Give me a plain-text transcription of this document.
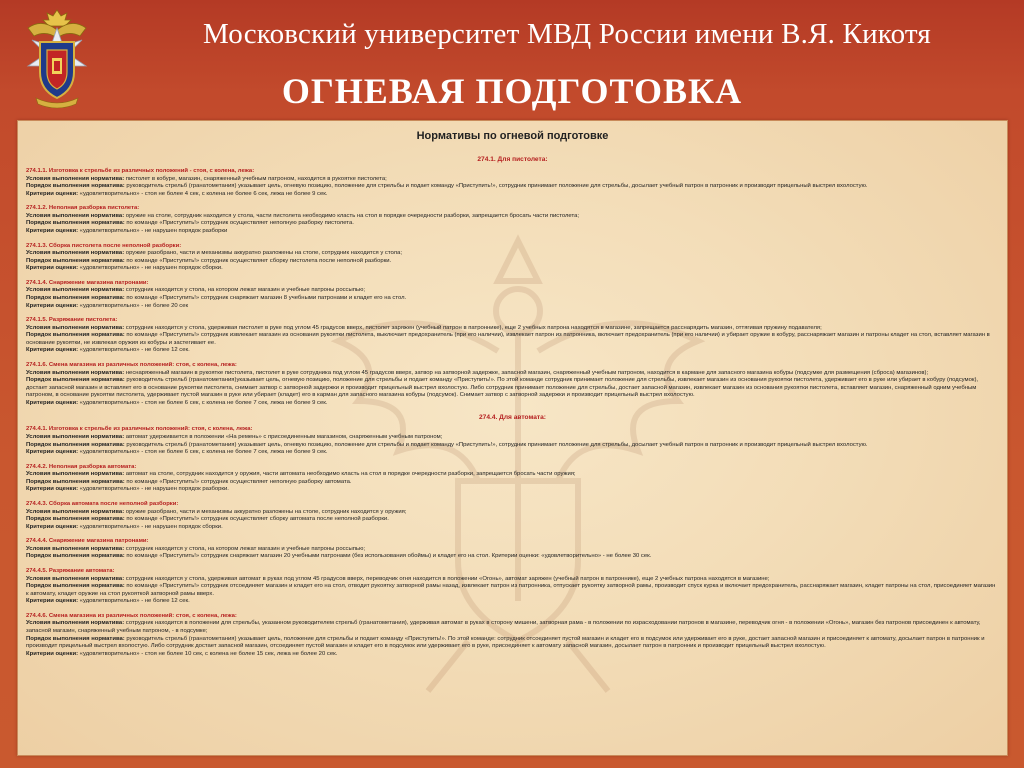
Московский университет МВД России имени В.Я. Кикотя
ОГНЕВАЯ ПОДГОТОВКА
Нормативы по огневой подготовке
274.1. Для пистолета:
274.1.1. Изготовка к стрельбе из различных положений - стоя, с колена, лежа:
Условия выполнения норматива: пистолет в кобуре, магазин, снаряженный учебным патроном, находится в рукоятке пистолета;
Порядок выполнения норматива: руководитель стрельб (гранатометания) указывает цель, огневую позицию, положение для стрельбы и подает команду «Приступить!», сотрудник принимает положение для стрельбы, досылает учебный патрон в патронник и производит прицельный выстрел вхолостую.
Критерии оценки: «удовлетворительно» - стоя не более 4 сек, с колена не более 6 сек, лежа не более 9 сек.
274.1.2. Неполная разборка пистолета:
Условия выполнения норматива: оружие на столе, сотрудник находится у стола, части пистолета необходимо класть на стол в порядке очередности разборки, запрещается бросать части пистолета;
Порядок выполнения норматива: по команде «Приступить!» сотрудник осуществляет неполную разборку пистолета.
Критерии оценки: «удовлетворительно» - не нарушен порядок разборки
274.1.3. Сборка пистолета после неполной разборки:
Условия выполнения норматива: оружие разобрано, части и механизмы аккуратно разложены на столе, сотрудник находится у стола;
Порядок выполнения норматива: по команде «Приступить!» сотрудник осуществляет сборку пистолета после неполной разборки.
Критерии оценки: «удовлетворительно» - не нарушен порядок сборки.
274.1.4. Снаряжение магазина патронами:
Условия выполнения норматива: сотрудник находится у стола, на котором лежат магазин и учебные патроны россыпью;
Порядок выполнения норматива: по команде «Приступить!» сотрудник снаряжает магазин 8 учебными патронами и кладет его на стол.
Критерии оценки: «удовлетворительно» - не более 20 сек
274.1.5. Разряжание пистолета:
Условия выполнения норматива: сотрудник находится у стола, удерживая пистолет в руке под углом 45 градусов вверх, пистолет заряжен (учебный патрон в патроннике), еще 2 учебных патрона находятся в магазине, запрещается расснарядить магазин, оттягивая пружину подавателя;
Порядок выполнения норматива: по команде «Приступить!» сотрудник извлекает магазин из основания рукоятки пистолета, выключает предохранитель (при его наличии), извлекает патрон из патронника, включает предохранитель (при его наличии) и убирает оружие в кобуру, расснаряжает магазин и патроны кладет на стол, вставляет магазин в основание рукоятки, не извлекая оружия из кобуры и застегивает ее.
Критерии оценки: «удовлетворительно» - не более 12 сек.
274.1.6. Смена магазина из различных положений: стоя, с колена, лежа:
Условия выполнения норматива: неснаряженный магазин в рукоятке пистолета, пистолет в руке сотрудника под углом 45 градусов вверх, затвор на затворной задержке, запасной магазин, снаряженный учебным патроном, находится в кармане для запасного магазина кобуры (подсумке для размещения (сброса) магазинов);
Порядок выполнения норматива: руководитель стрельб (гранатометания)указывает цель, огневую позицию, положение для стрельбы и подает команду «Приступить!». По этой команде сотрудник принимает положение для стрельбы, извлекает магазин из основания рукоятки пистолета, удерживает его в руке или убирает в кобуру (подсумок), достает запасной магазин и вставляет его в основание рукоятки пистолета, снимает затвор с затворной задержки и производит прицельный выстрел вхолостую. Либо сотрудник принимает положение для стрельбы, достает запасной магазин, извлекает магазин из основания рукоятки пистолета, вставляет магазин, снаряженный одним учебным патроном, в основание рукоятки пистолета, удерживает пустой магазин в руке или убирает (кладет) его в карман для запасного магазина кобуры (подсумок). Снимает затвор с затворной задержки и производит прицельный выстрел вхолостую.
Критерии оценки: «удовлетворительно» - стоя не более 6 сек, с колена не более 7 сек, лежа не более 9 сек.
274.4. Для автомата:
274.4.1. Изготовка к стрельбе из различных положений: стоя, с колена, лежа:
Условия выполнения норматива: автомат удерживается в положении «На ремень» с присоединенным магазином, снаряженным учебным патроном;
Порядок выполнения норматива: руководитель стрельб (гранатометания) указывает цель, огневую позицию, положение для стрельбы и подает команду «Приступить!», сотрудник принимает положение для стрельбы, досылает учебный патрон в патронник и производит прицельный выстрел вхолостую.
Критерии оценки: «удовлетворительно» - стоя не более 6 сек, с колена не более 7 сек, лежа не более 9 сек.
274.4.2. Неполная разборка автомата:
Условия выполнения норматива: автомат на столе, сотрудник находится у оружия, части автомата необходимо класть на стол в порядке очередности разборки, запрещается бросать части оружия;
Порядок выполнения норматива: по команде «Приступить!» сотрудник осуществляет неполную разборку автомата.
Критерии оценки: «удовлетворительно» - не нарушен порядок разборки.
274.4.3. Сборка автомата после неполной разборки:
Условия выполнения норматива: оружие разобрано, части и механизмы аккуратно разложены на столе, сотрудник находится у оружия;
Порядок выполнения норматива: по команде «Приступить!» сотрудник осуществляет сборку автомата после неполной разборки.
Критерии оценки: «удовлетворительно» - не нарушен порядок сборки.
274.4.4. Снаряжение магазина патронами:
Условия выполнения норматива: сотрудник находится у стола, на котором лежат магазин и учебные патроны россыпью;
Порядок выполнения норматива: по команде «Приступить!» сотрудник снаряжает магазин 20 учебными патронами (без использования обоймы) и кладет его на стол. Критерии оценки: «удовлетворительно» - не более 30 сек.
274.4.5. Разряжание автомата:
Условия выполнения норматива: сотрудник находится у стола, удерживая автомат в руках под углом 45 градусов вверх, переводчик огня находится в положении «Огонь», автомат заряжен (учебный патрон в патроннике), еще 2 учебных патрона находятся в магазине;
Порядок выполнения норматива: по команде «Приступить!» сотрудник отсоединяет магазин и кладет его на стол, отводит рукоятку затворной рамы назад, извлекает патрон из патронника, отпускает рукоятку затворной рамы, производит спуск курка и включает предохранитель, расснаряжает магазин, кладет патроны на стол, присоединяет магазин к автомату, кладет оружие на стол рукояткой затворной рамы вверх.
Критерии оценки: «удовлетворительно» - не более 12 сек.
274.4.6. Смена магазина из различных положений: стоя, с колена, лежа:
Условия выполнения норматива: сотрудник находится в положении для стрельбы, указанном руководителем стрельб (гранатометания), удерживая автомат в руках в сторону мишени, затворная рама - в положении по израсходовании патронов в магазине, переводчик огня - в положении «Огонь», магазин без патронов присоединен к автомату, запасной магазин, снаряженный учебным патроном, - в подсумке;
Порядок выполнения норматива: руководитель стрельб (гранатометания) указывает цель, положение для стрельбы и подает команду «Приступить!». По этой команде: сотрудник отсоединяет пустой магазин и кладет его в подсумок или удерживает его в руке, достает запасной магазин и присоединяет к автомату, досылает патрон в патронник и производит прицельный выстрел вхолостую. Либо сотрудник достает запасной магазин, отсоединяет пустой магазин и кладет его в подсумок или удерживает его в руке, присоединяет к автомату запасной магазин, досылает патрон в патронник и производит прицельный выстрел вхолостую.
Критерии оценки: «удовлетворительно» - стоя не более 10 сек, с колена не более 15 сек, лежа не более 20 сек.
